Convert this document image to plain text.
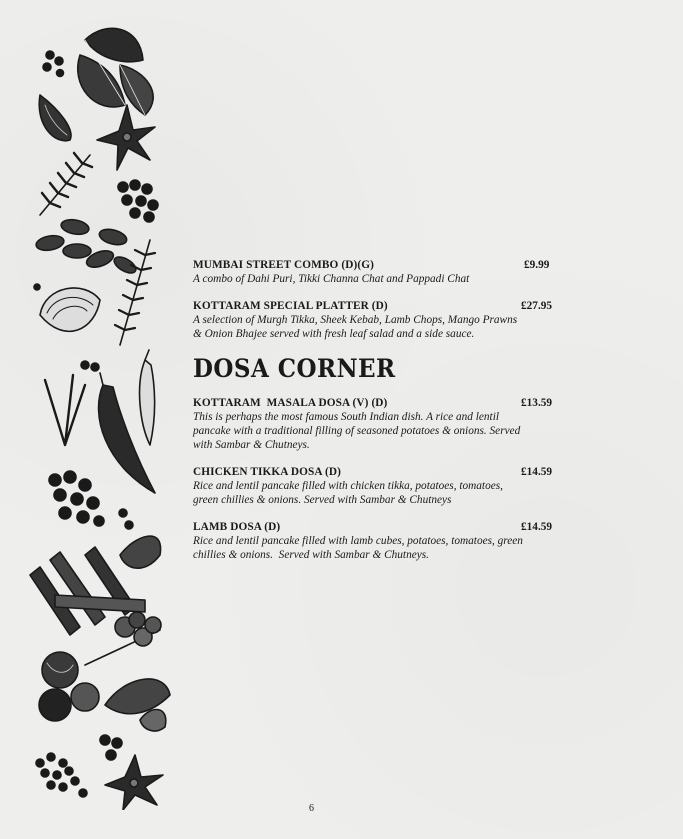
MUMBAI STREET COMBO (D)(G)	£9.99
A combo of Dahi Puri, Tikki Channa Chat and Pappadi Chat
KOTTARAM SPECIAL PLATTER (D)	£27.95
A selection of Murgh Tikka, Sheek Kebab, Lamb Chops, Mango Prawns & Onion Bhajee served with fresh leaf salad and a side sauce.
DOSA CORNER
KOTTARAM  MASALA DOSA (V) (D)	£13.59
This is perhaps the most famous South Indian dish. A rice and lentil pancake with a traditional filling of seasoned potatoes & onions. Served with Sambar & Chutneys.
CHICKEN TIKKA DOSA (D)	£14.59
Rice and lentil pancake filled with chicken tikka, potatoes, tomatoes, green chillies & onions. Served with Sambar & Chutneys
LAMB DOSA (D)	£14.59
Rice and lentil pancake filled with lamb cubes, potatoes, tomatoes, green chillies & onions.  Served with Sambar & Chutneys.
6
